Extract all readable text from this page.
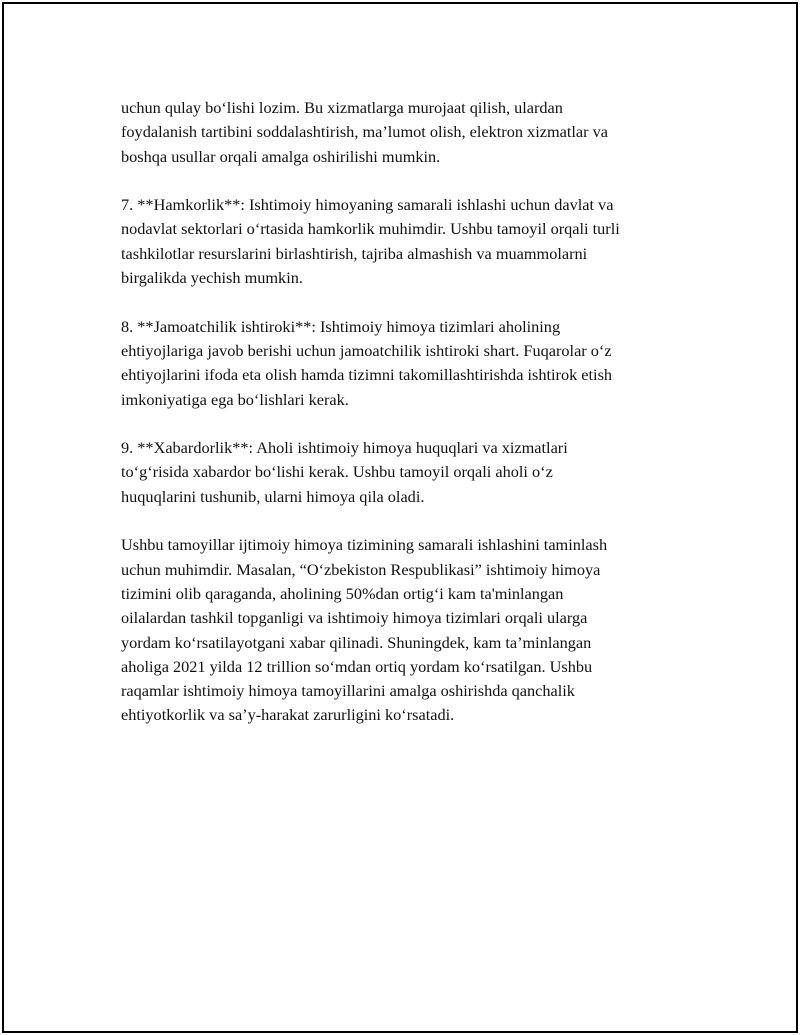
uchun qulay bo‘lishi lozim. Bu xizmatlarga murojaat qilish, ulardan
foydalanish tartibini soddalashtirish, ma’lumot olish, elektron xizmatlar va
boshqa usullar orqali amalga oshirilishi mumkin.

7. **Hamkorlik**: Ishtimoiy himoyaning samarali ishlashi uchun davlat va
nodavlat sektorlari o‘rtasida hamkorlik muhimdir. Ushbu tamoyil orqali turli
tashkilotlar resurslarini birlashtirish, tajriba almashish va muammolarni
birgalikda yechish mumkin.

8. **Jamoatchilik ishtiroki**: Ishtimoiy himoya tizimlari aholining
ehtiyojlariga javob berishi uchun jamoatchilik ishtiroki shart. Fuqarolar o‘z
ehtiyojlarini ifoda eta olish hamda tizimni takomillashtirishda ishtirok etish
imkoniyatiga ega bo‘lishlari kerak.

9. **Xabardorlik**: Aholi ishtimoiy himoya huquqlari va xizmatlari
to‘g‘risida xabardor bo‘lishi kerak. Ushbu tamoyil orqali aholi o‘z
huquqlarini tushunib, ularni himoya qila oladi.

Ushbu tamoyillar ijtimoiy himoya tizimining samarali ishlashini taminlash
uchun muhimdir. Masalan, “O‘zbekiston Respublikasi” ishtimoiy himoya
tizimini olib qaraganda, aholining 50%dan ortig‘i kam ta'minlangan
oilalardan tashkil topganligi va ishtimoiy himoya tizimlari orqali ularga
yordam ko‘rsatilayotgani xabar qilinadi. Shuningdek, kam ta’minlangan
aholiga 2021 yilda 12 trillion so‘mdan ortiq yordam ko‘rsatilgan. Ushbu
raqamlar ishtimoiy himoya tamoyillarini amalga oshirishda qanchalik
ehtiyotkorlik va sa’y-harakat zarurligini ko‘rsatadi.
